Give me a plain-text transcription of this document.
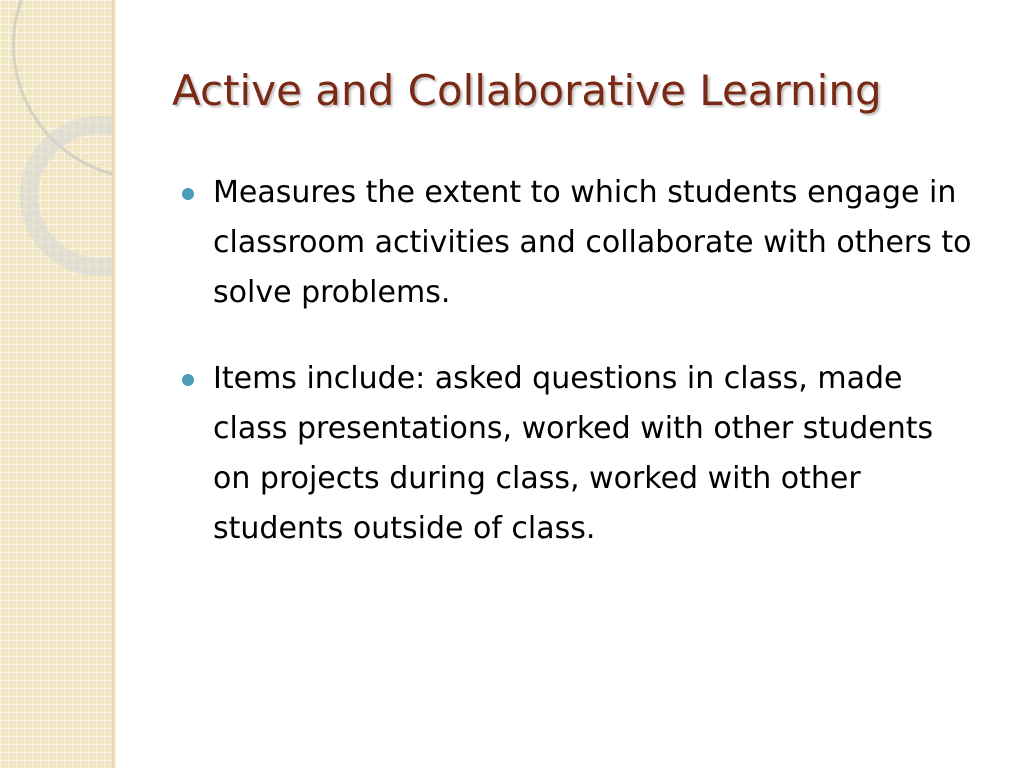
Active and Collaborative Learning
Measures the extent to which students engage in classroom activities and collaborate with others to solve problems.
Items include: asked questions in class, made class presentations, worked with other students on projects during class, worked with other students outside of class.
